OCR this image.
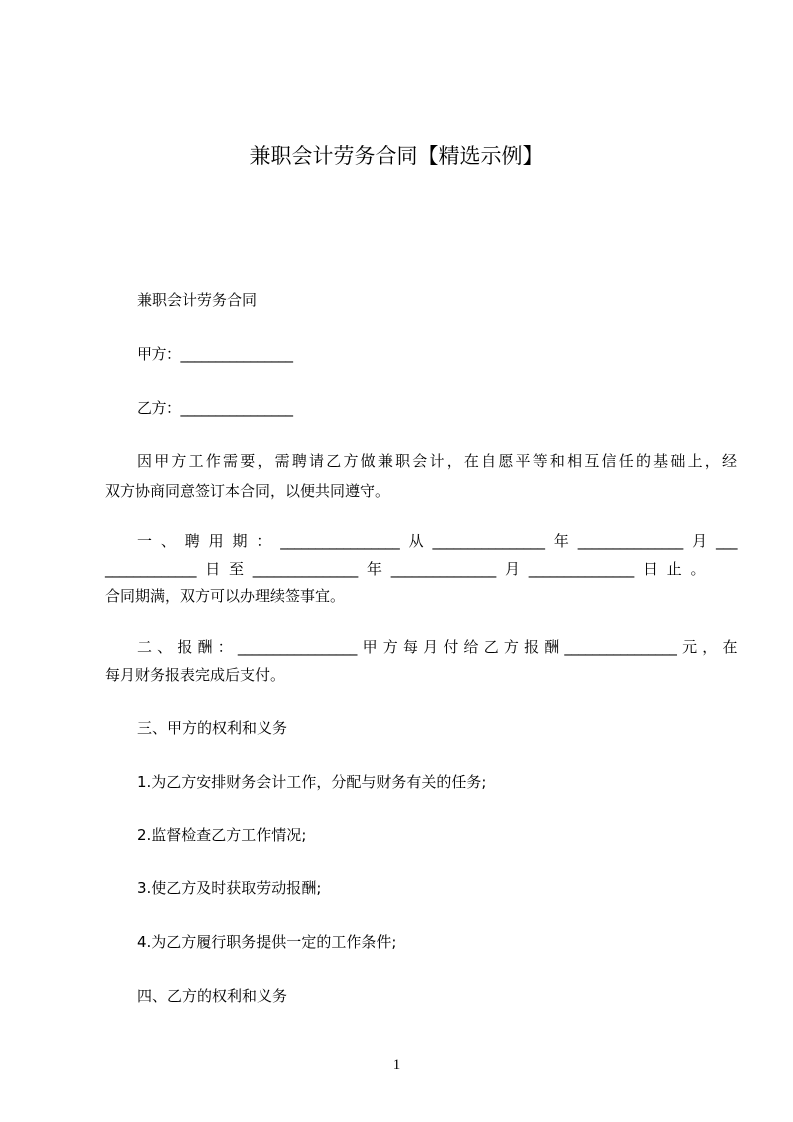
兼职会计劳务合同【精选示例】
兼职会计劳务合同
甲方：________________
乙方：________________
因甲方工作需要，需聘请乙方做兼职会计，在自愿平等和相互信任的基础上，经
双方协商同意签订本合同，以便共同遵守。
一、聘用期：_________________从________________年_______________月___
_____________日至_______________年_______________月_______________日止。
合同期满，双方可以办理续签事宜。
二、报酬：_________________甲方每月付给乙方报酬________________元，在
每月财务报表完成后支付。
三、甲方的权利和义务
1.为乙方安排财务会计工作，分配与财务有关的任务;
2.监督检查乙方工作情况;
3.使乙方及时获取劳动报酬;
4.为乙方履行职务提供一定的工作条件;
四、乙方的权利和义务
1
